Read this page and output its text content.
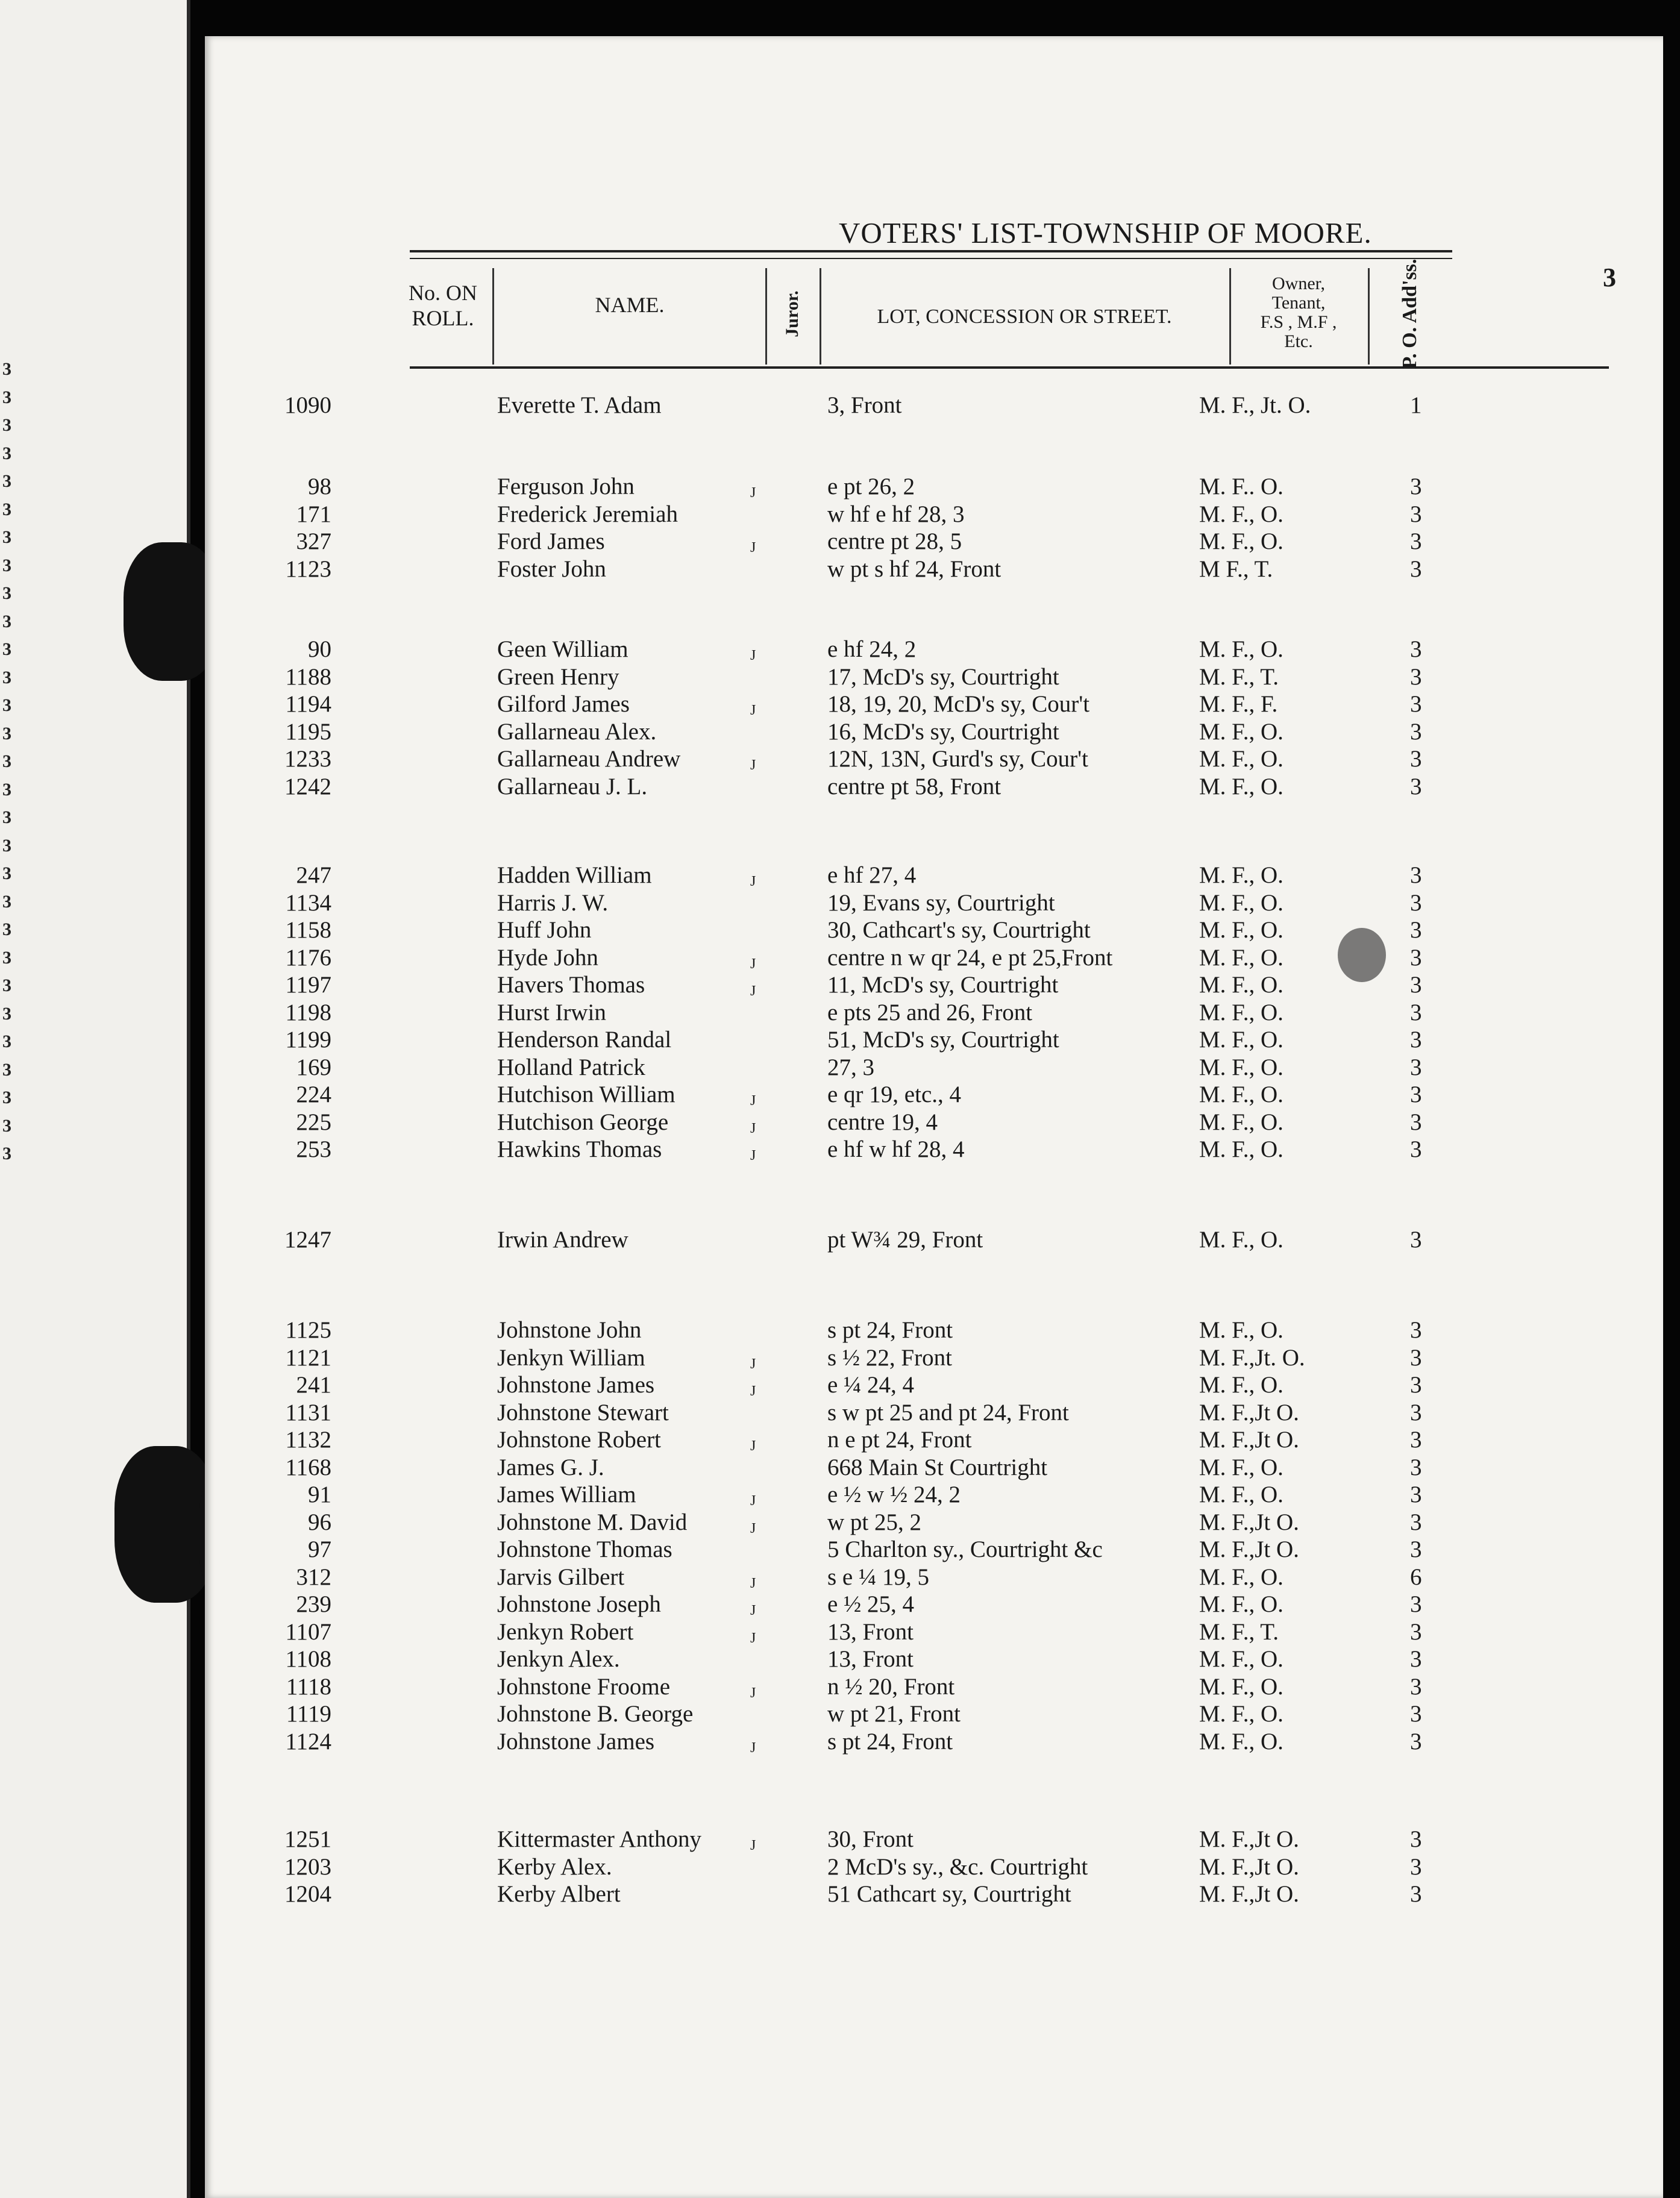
3
3
3
3
3
3
3
3
3
3
3
3
3
3
3
3
3
3
3
3
3
3
3
3
3
3
3
3
3
VOTERS' LIST-TOWNSHIP OF MOORE.
3
No. ON
ROLL.
NAME.	Juror.	LOT, CONCESSION OR STREET.
Owner,
Tenant,
F.S , M.F ,
Etc.	P. O. Add'ss.
1090	Everette T. Adam	3, Front	M. F., Jt. O.	1
98	Ferguson John	J	e pt 26, 2	M. F.. O.	3
171	Frederick Jeremiah	w hf e hf 28, 3	M. F., O.	3
327	Ford James	J	centre pt 28, 5	M. F., O.	3
1123	Foster John	w pt s hf 24, Front	M F., T.	3
90	Geen William	J	e hf 24, 2	M. F., O.	3
1188	Green Henry	17, McD's sy, Courtright	M. F., T.	3
1194	Gilford James	J	18, 19, 20, McD's sy, Cour't	M. F., F.	3
1195	Gallarneau Alex.	16, McD's sy, Courtright	M. F., O.	3
1233	Gallarneau Andrew	J	12N, 13N, Gurd's sy, Cour't	M. F., O.	3
1242	Gallarneau J. L.	centre pt 58, Front	M. F., O.	3
247	Hadden William	J	e hf 27, 4	M. F., O.	3
1134	Harris J. W.	19, Evans sy, Courtright	M. F., O.	3
1158	Huff John	30, Cathcart's sy, Courtright	M. F., O.	3
1176	Hyde John	J	centre n w qr 24, e pt 25,Front	M. F., O.	3
1197	Havers Thomas	J	11, McD's sy, Courtright	M. F., O.	3
1198	Hurst Irwin	e pts 25 and 26, Front	M. F., O.	3
1199	Henderson Randal	51, McD's sy, Courtright	M. F., O.	3
169	Holland Patrick	27, 3	M. F., O.	3
224	Hutchison William	J	e qr 19, etc., 4	M. F., O.	3
225	Hutchison George	J	centre 19, 4	M. F., O.	3
253	Hawkins Thomas	J	e hf w hf 28, 4	M. F., O.	3
1247	Irwin Andrew	pt W¾ 29, Front	M. F., O.	3
1125	Johnstone John	s pt 24, Front	M. F., O.	3
1121	Jenkyn William	J	s ½ 22, Front	M. F.,Jt. O.	3
241	Johnstone James	J	e ¼ 24, 4	M. F., O.	3
1131	Johnstone Stewart	s w pt 25 and pt 24, Front	M. F.,Jt O.	3
1132	Johnstone Robert	J	n e pt 24, Front	M. F.,Jt O.	3
1168	James G. J.	668 Main St Courtright	M. F., O.	3
91	James William	J	e ½ w ½ 24, 2	M. F., O.	3
96	Johnstone M. David	J	w pt 25, 2	M. F.,Jt O.	3
97	Johnstone Thomas	5 Charlton sy., Courtright &c	M. F.,Jt O.	3
312	Jarvis Gilbert	J	s e ¼ 19, 5	M. F., O.	6
239	Johnstone Joseph	J	e ½ 25, 4	M. F., O.	3
1107	Jenkyn Robert	J	13, Front	M. F., T.	3
1108	Jenkyn Alex.	13, Front	M. F., O.	3
1118	Johnstone Froome	J	n ½ 20, Front	M. F., O.	3
1119	Johnstone B. George	w pt 21, Front	M. F., O.	3
1124	Johnstone James	J	s pt 24, Front	M. F., O.	3
1251	Kittermaster Anthony	J	30, Front	M. F.,Jt O.	3
1203	Kerby Alex.	2 McD's sy., &c. Courtright	M. F.,Jt O.	3
1204	Kerby Albert	51 Cathcart sy, Courtright	M. F.,Jt O.	3
